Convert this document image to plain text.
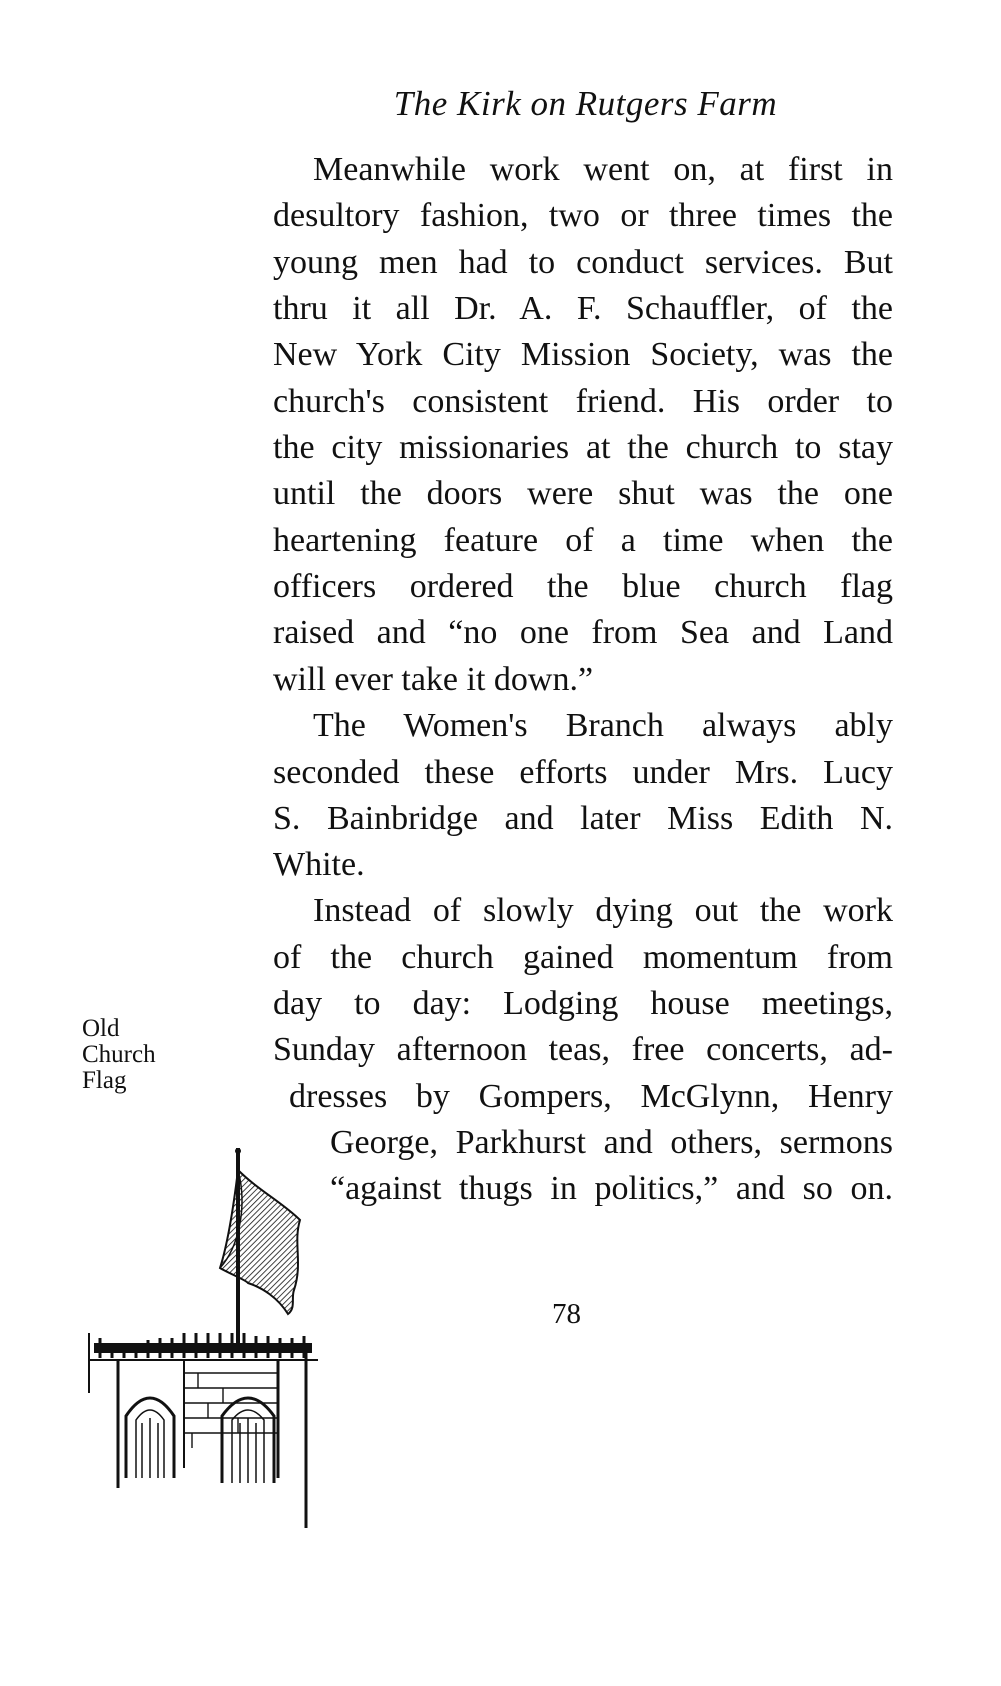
The Kirk on Rutgers Farm
Meanwhile work went on, at first in
desultory fashion, two or three times the
young men had to conduct services. But
thru it all Dr. A. F. Schauffler, of the
New York City Mission Society, was the
church's consistent friend. His order to
the city missionaries at the church to stay
until the doors were shut was the one
heartening feature of a time when the
officers ordered the blue church flag
raised and “no one from Sea and Land
will ever take it down.”
The Women's Branch always ably
seconded these efforts under Mrs. Lucy
S. Bainbridge and later Miss Edith N.
White.
Instead of slowly dying out the work
of the church gained momentum from
day to day: Lodging house meetings,
Sunday afternoon teas, free concerts, ad-
dresses by Gompers, McGlynn, Henry
George, Parkhurst and others, sermons
“against thugs in politics,” and so on.
Old
Church
Flag
78
